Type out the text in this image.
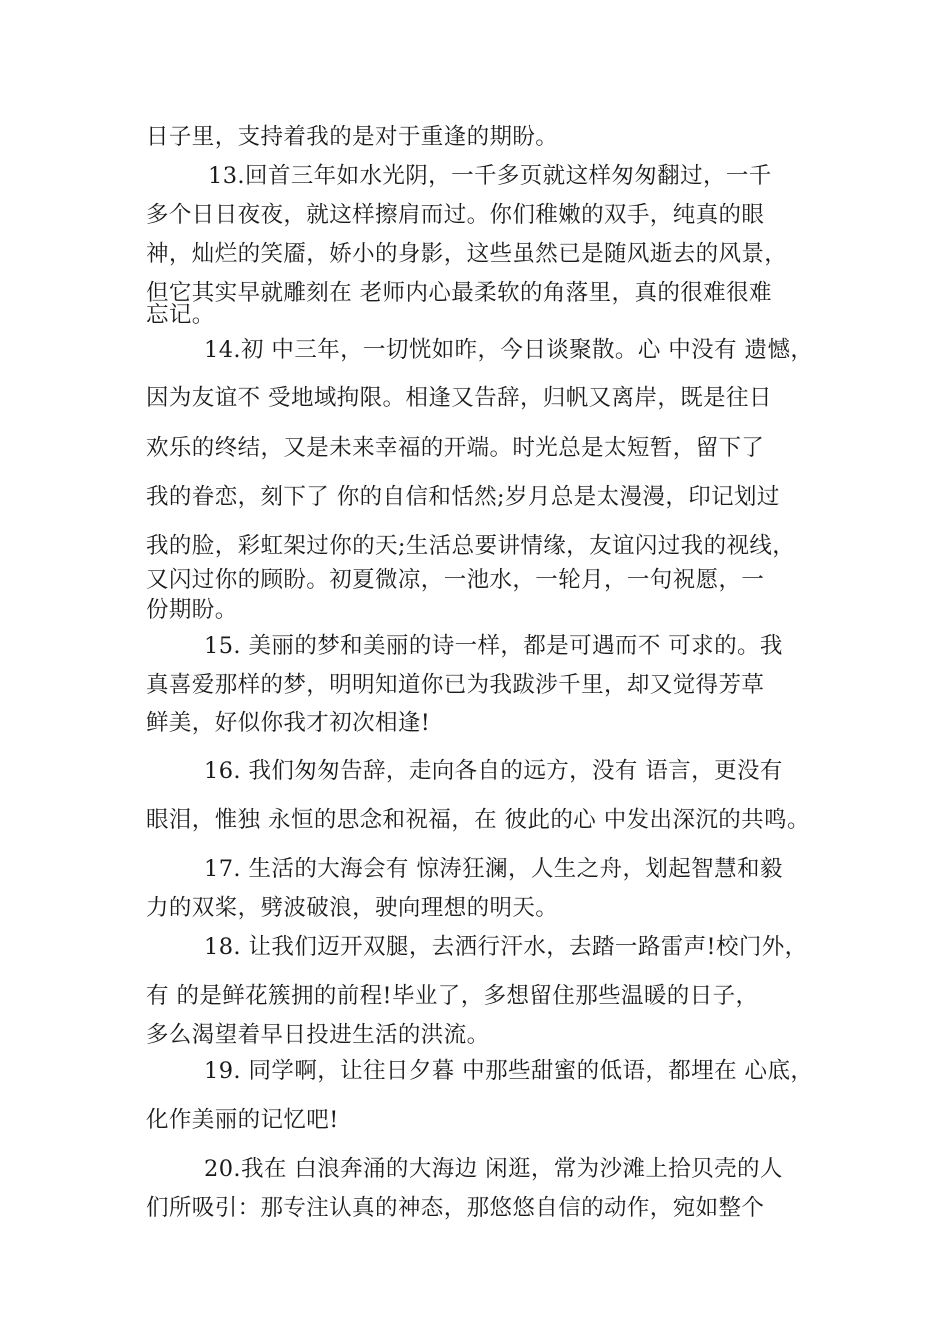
日子里，支持着我的是对于重逢的期盼。
13.回首三年如水光阴，一千多页就这样匆匆翻过，一千
多个日日夜夜，就这样擦肩而过。你们稚嫩的双手，纯真的眼
神，灿烂的笑靥，娇小的身影，这些虽然已是随风逝去的风景，
但它其实早就雕刻在 老师内心最柔软的角落里，真的很难很难
忘记。
14.初 中三年，一切恍如昨，今日谈聚散。心 中没有 遗憾，
因为友谊不 受地域拘限。相逢又告辞，归帆又离岸，既是往日
欢乐的终结，又是未来幸福的开端。时光总是太短暂，留下了
我的眷恋，刻下了 你的自信和恬然;岁月总是太漫漫，印记划过
我的脸，彩虹架过你的天;生活总要讲情缘，友谊闪过我的视线，
又闪过你的顾盼。初夏微凉，一池水，一轮月，一句祝愿，一
份期盼。
15. 美丽的梦和美丽的诗一样，都是可遇而不 可求的。我
真喜爱那样的梦，明明知道你已为我跋涉千里，却又觉得芳草
鲜美，好似你我才初次相逢!
16. 我们匆匆告辞，走向各自的远方，没有 语言，更没有
眼泪，惟独 永恒的思念和祝福，在 彼此的心 中发出深沉的共鸣。
17. 生活的大海会有 惊涛狂澜，人生之舟，划起智慧和毅
力的双桨，劈波破浪，驶向理想的明天。
18. 让我们迈开双腿，去洒行汗水，去踏一路雷声!校门外，
有 的是鲜花簇拥的前程!毕业了，多想留住那些温暖的日子，
多么渴望着早日投进生活的洪流。
19. 同学啊，让往日夕暮 中那些甜蜜的低语，都埋在 心底，
化作美丽的记忆吧!
20.我在 白浪奔涌的大海边 闲逛，常为沙滩上拾贝壳的人
们所吸引：那专注认真的神态，那悠悠自信的动作，宛如整个
